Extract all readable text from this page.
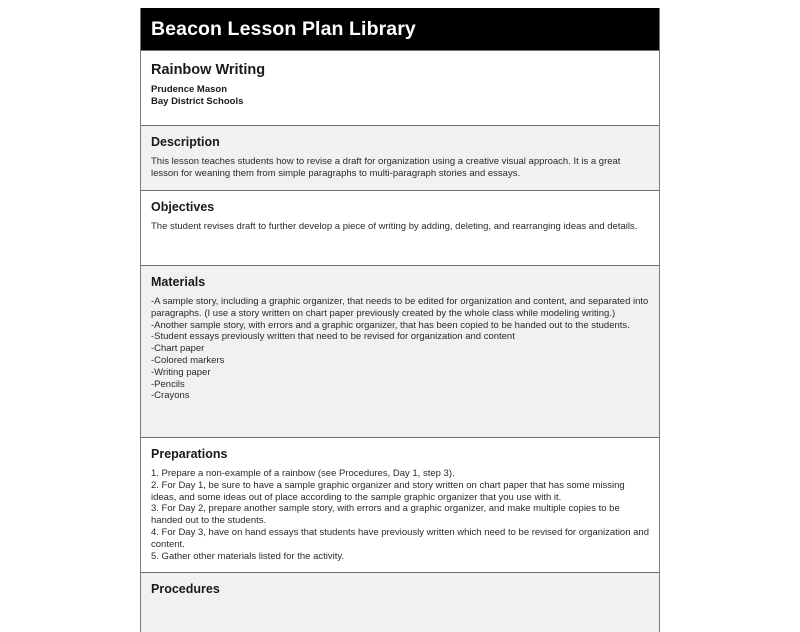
Beacon Lesson Plan Library
Rainbow Writing
Prudence Mason
Bay District Schools
Description

This lesson teaches students how to revise a draft for organization using a creative visual approach. It is a great lesson for weaning them from simple paragraphs to multi-paragraph stories and essays.

Objectives

The student revises draft to further develop a piece of writing by adding, deleting, and rearranging ideas and details.

Materials
-A sample story, including a graphic organizer, that needs to be edited for organization and content, and separated into paragraphs. (I use a story written on chart paper previously created by the whole class while modeling writing.)
-Another sample story, with errors and a graphic organizer, that has been copied to be handed out to the students.
-Student essays previously written that need to be revised for organization and content
-Chart paper
-Colored markers
-Writing paper
-Pencils
-Crayons
Preparations
1. Prepare a non-example of a rainbow (see Procedures, Day 1, step 3).
2. For Day 1, be sure to have a sample graphic organizer and story written on chart paper that has some missing ideas, and some ideas out of place according to the sample graphic organizer that you use with it.
3. For Day 2, prepare another sample story, with errors and a graphic organizer, and make multiple copies to be handed out to the students.
4. For Day 3, have on hand essays that students have previously written which need to be revised for organization and content.
5. Gather other materials listed for the activity.
Procedures
